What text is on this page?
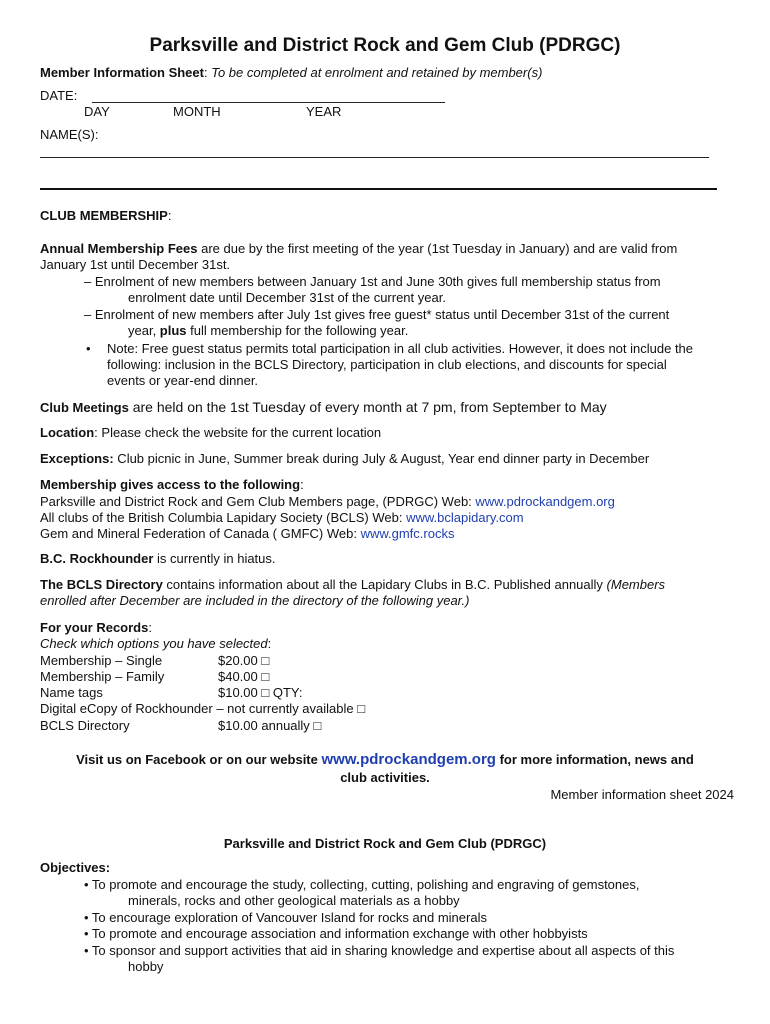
Parksville and District Rock and Gem Club (PDRGC)
Member Information Sheet: To be completed at enrolment and retained by member(s)
DATE:
DAY	MONTH	YEAR
NAME(S):
CLUB MEMBERSHIP:
Annual Membership Fees are due by the first meeting of the year (1st Tuesday in January) and are valid from
January 1st until December 31st.
– Enrolment of new members between January 1st and June 30th gives full membership status from
enrolment date until December 31st of the current year.
– Enrolment of new members after July 1st gives free guest* status until December 31st of the current
year, plus full membership for the following year.
• Note: Free guest status permits total participation in all club activities. However, it does not include the
following: inclusion in the BCLS Directory, participation in club elections, and discounts for special
events or year-end dinner.
Club Meetings are held on the 1st Tuesday of every month at 7 pm, from September to May
Location: Please check the website for the current location
Exceptions: Club picnic in June, Summer break during July & August, Year end dinner party in December
Membership gives access to the following:
Parksville and District Rock and Gem Club Members page, (PDRGC) Web: www.pdrockandgem.org
All clubs of the British Columbia Lapidary Society (BCLS) Web: www.bclapidary.com
Gem and Mineral Federation of Canada ( GMFC) Web: www.gmfc.rocks
B.C. Rockhounder is currently in hiatus.
The BCLS Directory contains information about all the Lapidary Clubs in B.C. Published annually (Members
enrolled after December are included in the directory of the following year.)
For your Records:
Check which options you have selected:
Membership – Single	$20.00 □
Membership – Family	$40.00 □
Name tags	$10.00 □ QTY:
Digital eCopy of Rockhounder – not currently available □
BCLS Directory	$10.00 annually □
Visit us on Facebook or on our website www.pdrockandgem.org for more information, news and
club activities.
Member information sheet 2024
Parksville and District Rock and Gem Club (PDRGC)
Objectives:
• To promote and encourage the study, collecting, cutting, polishing and engraving of gemstones,
minerals, rocks and other geological materials as a hobby
• To encourage exploration of Vancouver Island for rocks and minerals
• To promote and encourage association and information exchange with other hobbyists
• To sponsor and support activities that aid in sharing knowledge and expertise about all aspects of this
hobby
